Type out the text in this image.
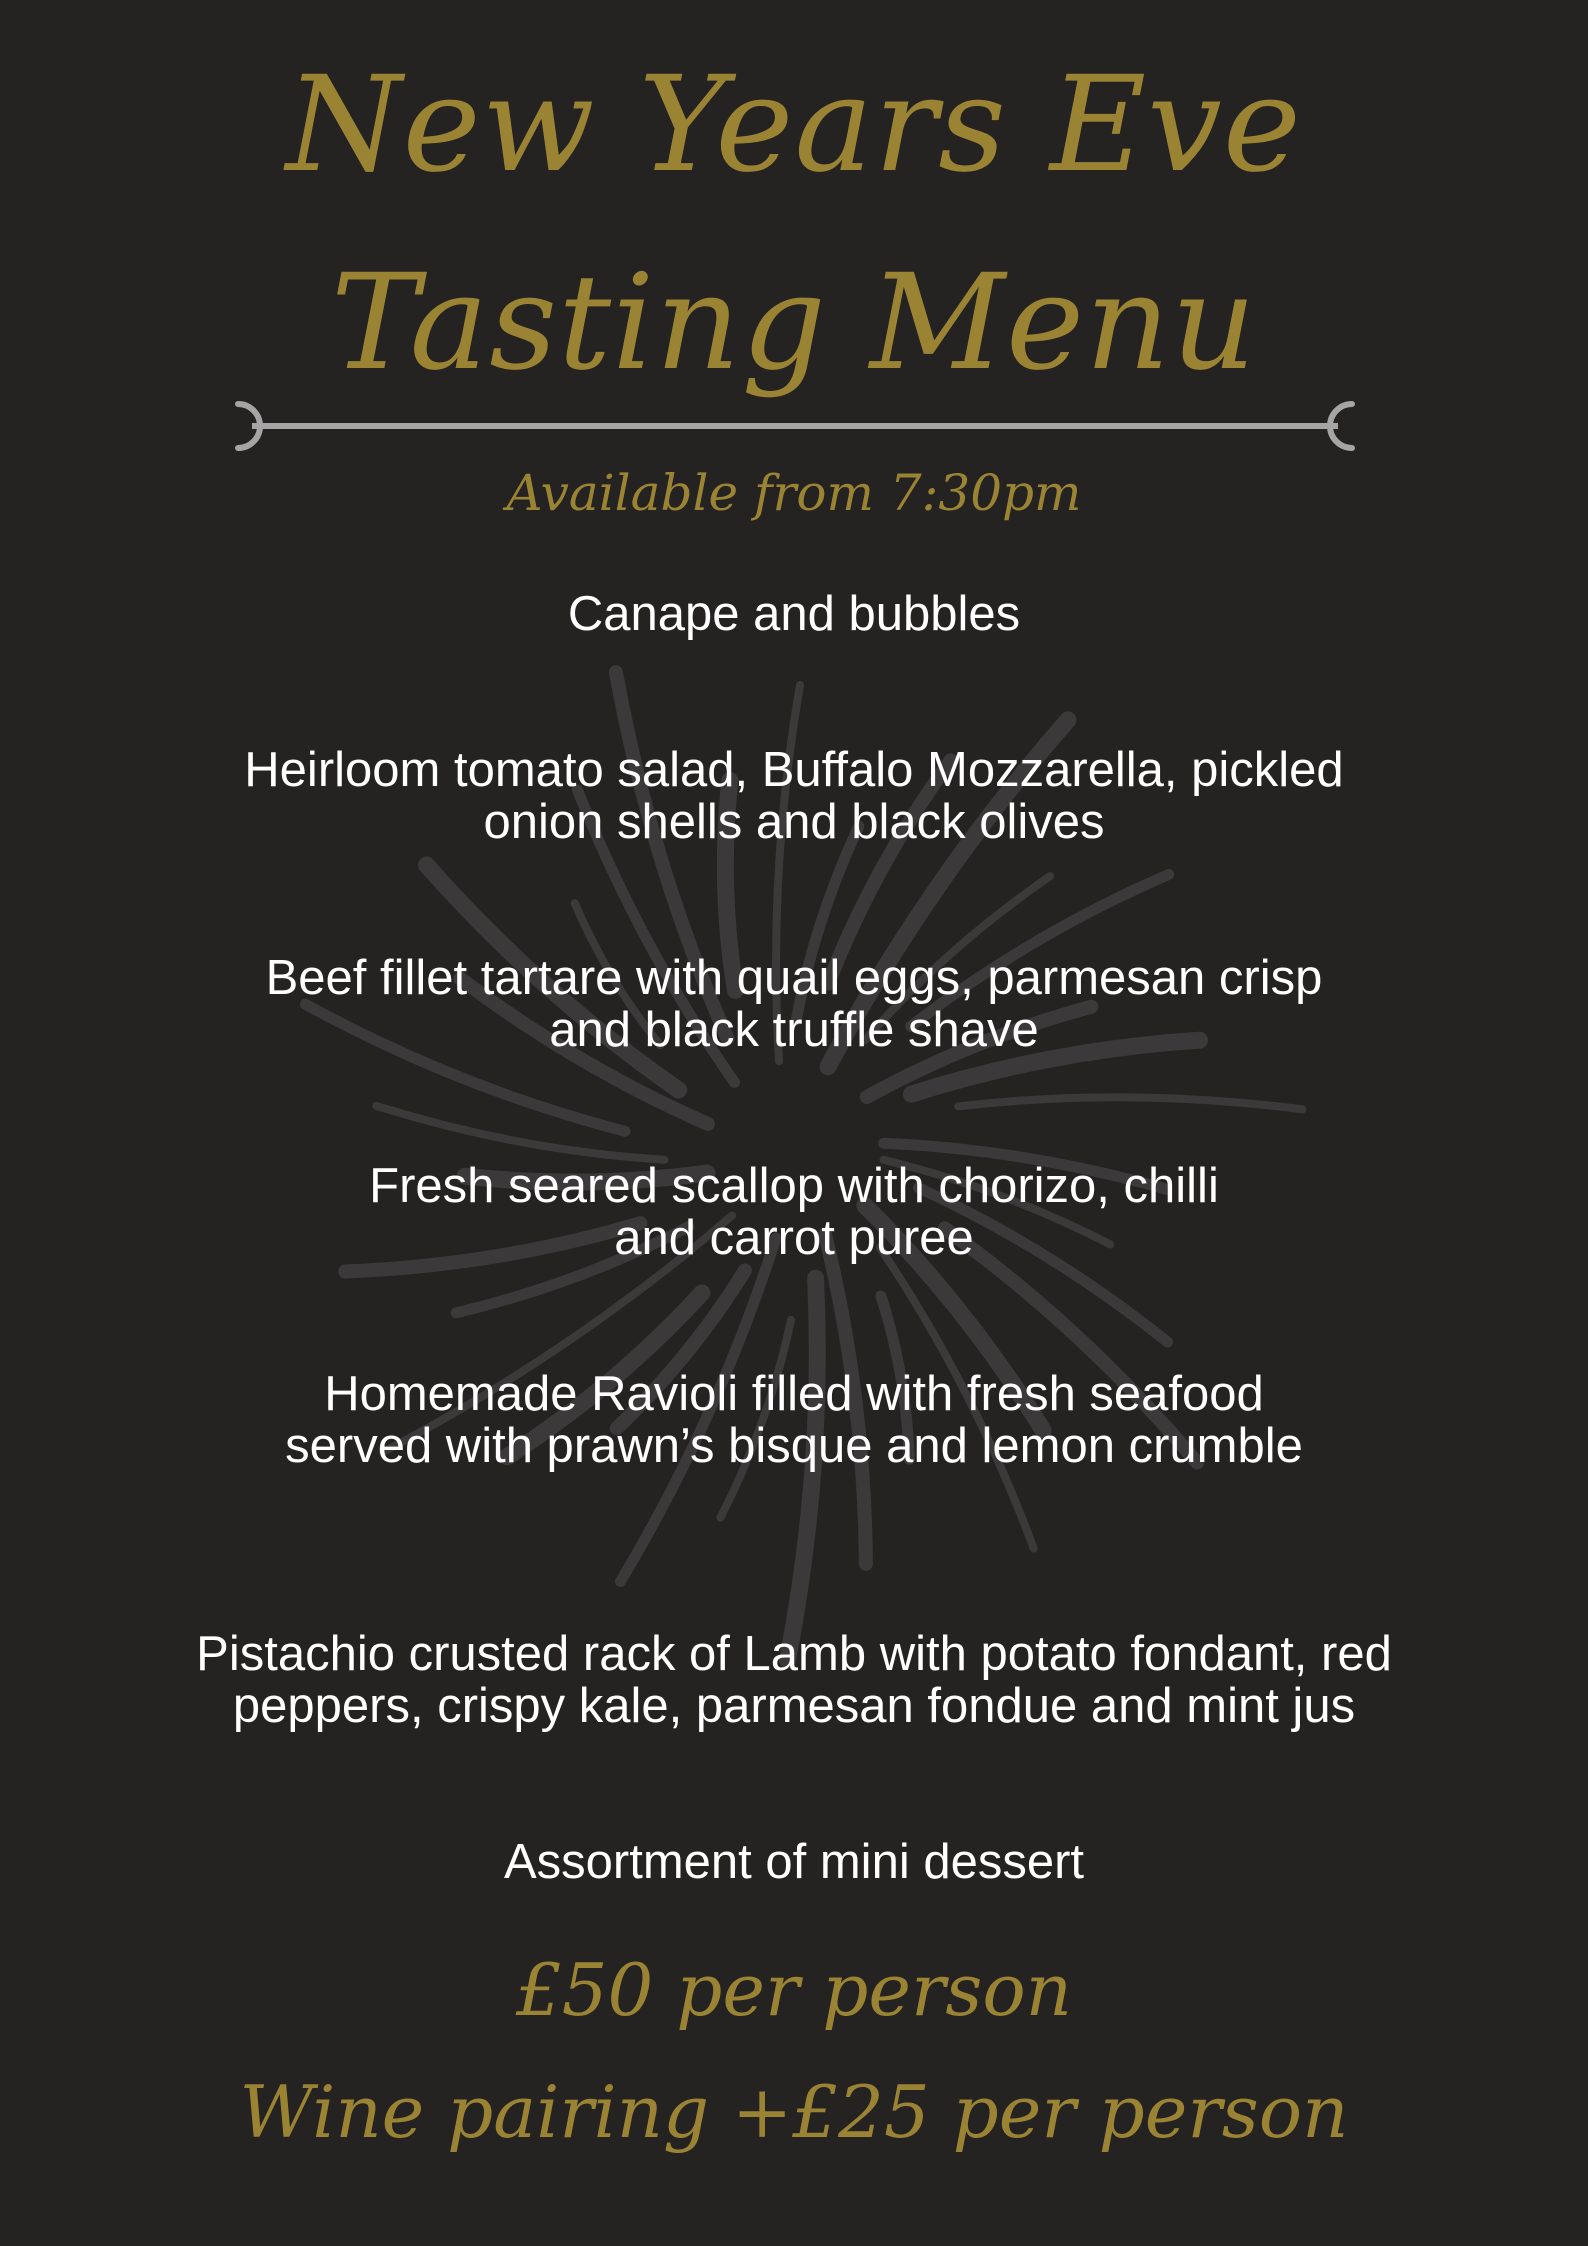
New Years Eve
Tasting Menu
Available from 7:30pm
Canape and bubbles
Heirloom tomato salad, Buffalo Mozzarella, pickled
onion shells and black olives
Beef fillet tartare with quail eggs, parmesan crisp
and black truffle shave
Fresh seared scallop with chorizo, chilli
and carrot puree
Homemade Ravioli filled with fresh seafood
served with prawn’s bisque and lemon crumble
Pistachio crusted rack of Lamb with potato fondant, red
peppers, crispy kale, parmesan fondue and mint jus
Assortment of mini dessert
£50 per person
Wine pairing +£25 per person
